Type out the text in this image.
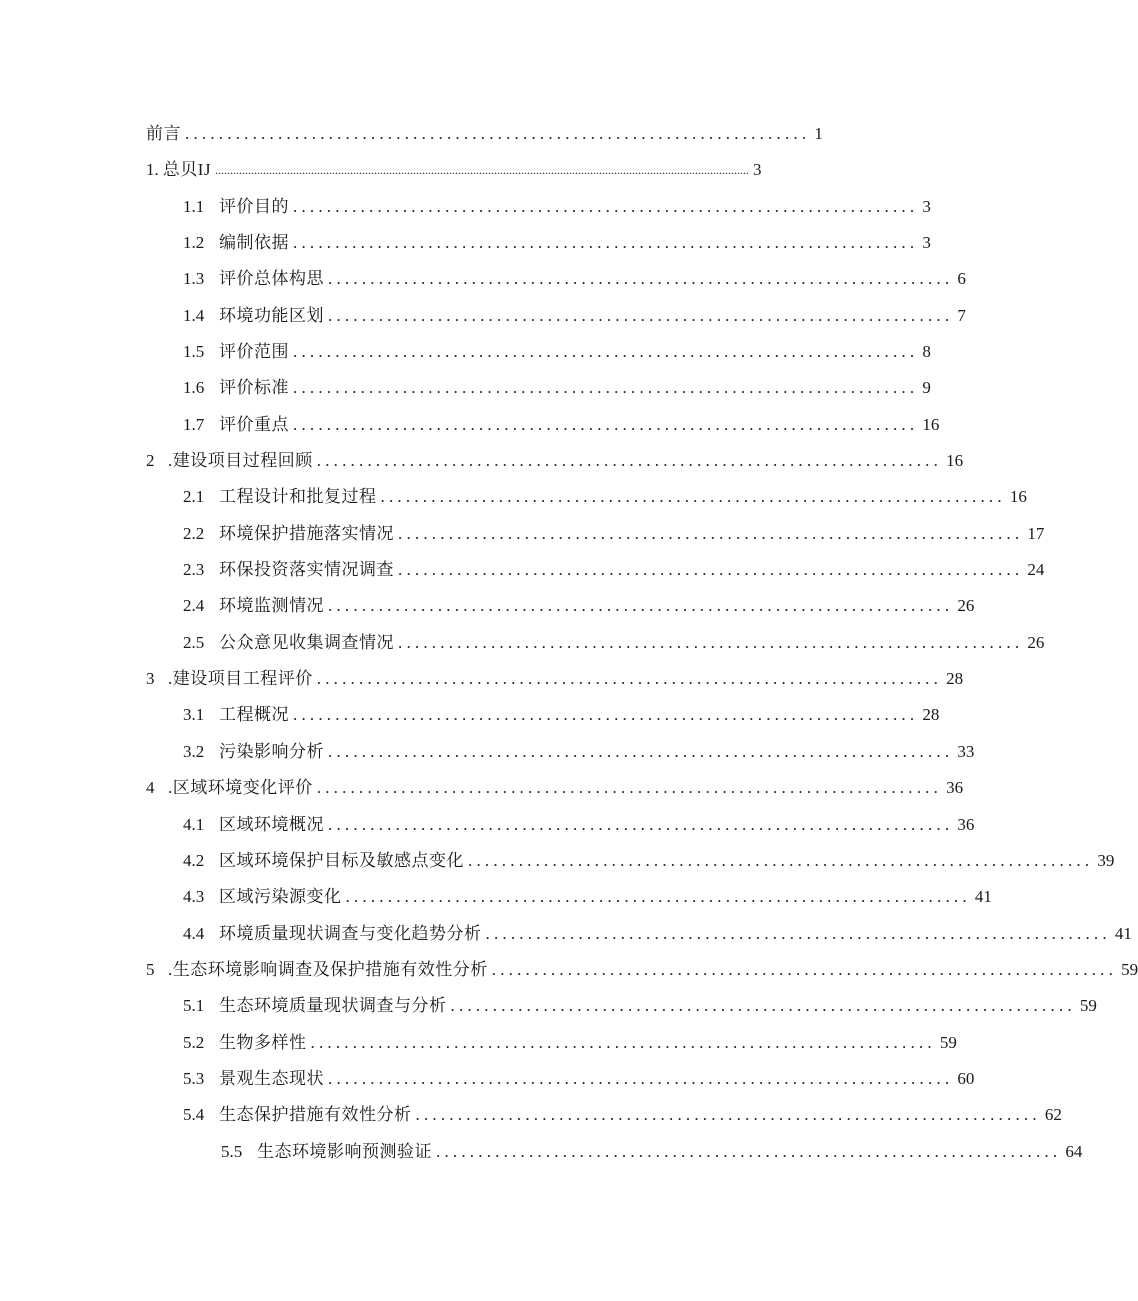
前言 .......................................................................... 1
1. 总贝IJ .................................................................................................................................................................................. 3
1.1 评价目的 .......................................................................... 3
1.2 编制依据 .......................................................................... 3
1.3 评价总体构思 .......................................................................... 6
1.4 环境功能区划 .......................................................................... 7
1.5 评价范围 .......................................................................... 8
1.6 评价标准 .......................................................................... 9
1.7 评价重点 .......................................................................... 16
2 .建设项目过程回顾 .......................................................................... 16
2.1 工程设计和批复过程 .......................................................................... 16
2.2 环境保护措施落实情况 .......................................................................... 17
2.3 环保投资落实情况调查 .......................................................................... 24
2.4 环境监测情况 .......................................................................... 26
2.5 公众意见收集调查情况 .......................................................................... 26
3 .建设项目工程评价 .......................................................................... 28
3.1 工程概况 .......................................................................... 28
3.2 污染影响分析 .......................................................................... 33
4 .区域环境变化评价 .......................................................................... 36
4.1 区域环境概况 .......................................................................... 36
4.2 区域环境保护目标及敏感点变化 .......................................................................... 39
4.3 区域污染源变化 .......................................................................... 41
4.4 环境质量现状调查与变化趋势分析 .......................................................................... 41
5 .生态环境影响调查及保护措施有效性分析 .......................................................................... 59
5.1 生态环境质量现状调查与分析 .......................................................................... 59
5.2 生物多样性 .......................................................................... 59
5.3 景观生态现状 .......................................................................... 60
5.4 生态保护措施有效性分析 .......................................................................... 62
5.5 生态环境影响预测验证 .......................................................................... 64
